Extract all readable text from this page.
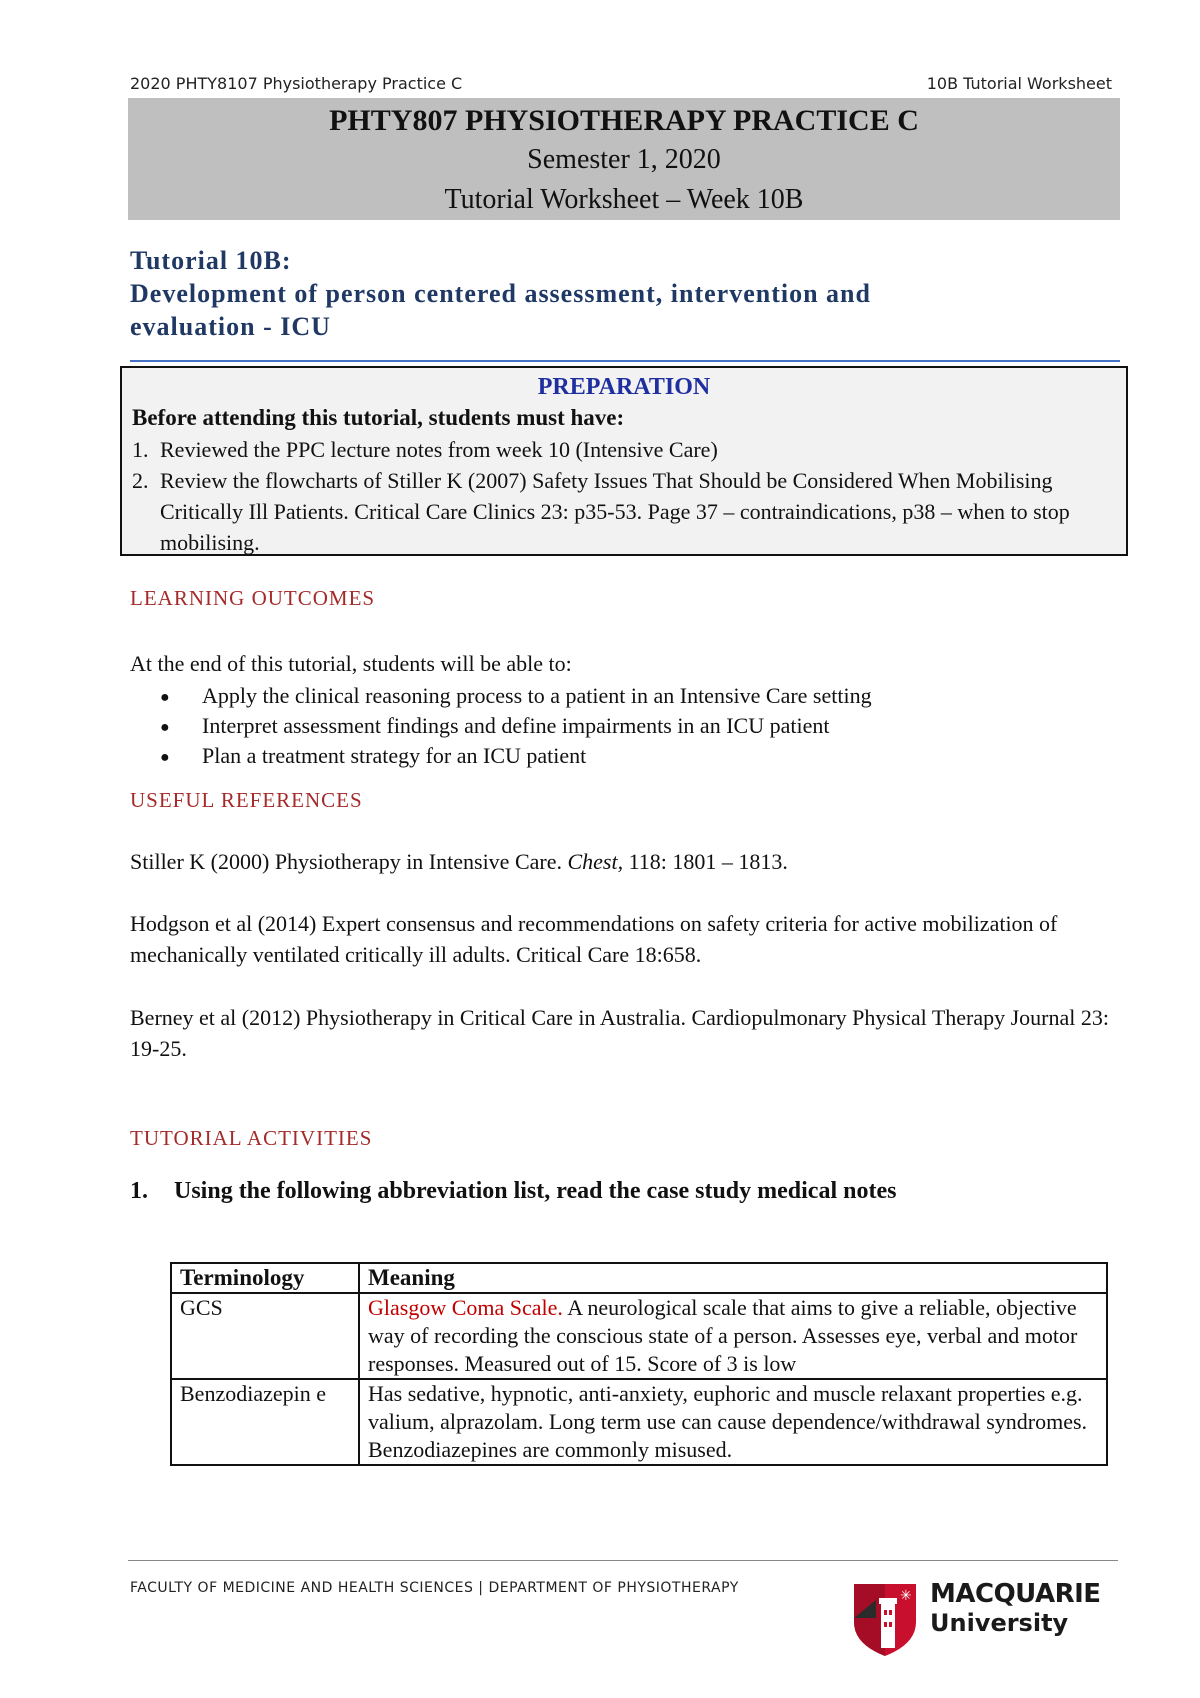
2020 PHTY8107 Physiotherapy Practice C	10B Tutorial Worksheet
PHTY807 PHYSIOTHERAPY PRACTICE C
Semester 1, 2020
Tutorial Worksheet – Week 10B
Tutorial 10B:
Development of person centered assessment, intervention and
evaluation - ICU
PREPARATION
Before attending this tutorial, students must have:
1. Reviewed the PPC lecture notes from week 10 (Intensive Care)
2. Review the flowcharts of Stiller K (2007) Safety Issues That Should be Considered When Mobilising Critically Ill Patients. Critical Care Clinics 23: p35-53. Page 37 – contraindications, p38 – when to stop mobilising.
LEARNING OUTCOMES
At the end of this tutorial, students will be able to:
●	Apply the clinical reasoning process to a patient in an Intensive Care setting
●	Interpret assessment findings and define impairments in an ICU patient
●	Plan a treatment strategy for an ICU patient
USEFUL REFERENCES
Stiller K (2000) Physiotherapy in Intensive Care. Chest, 118: 1801 – 1813.
Hodgson et al (2014) Expert consensus and recommendations on safety criteria for active mobilization of mechanically ventilated critically ill adults. Critical Care 18:658.
Berney et al (2012) Physiotherapy in Critical Care in Australia. Cardiopulmonary Physical Therapy Journal 23: 19-25.
TUTORIAL ACTIVITIES
1. Using the following abbreviation list, read the case study medical notes
Terminology	Meaning
GCS	Glasgow Coma Scale. A neurological scale that aims to give a reliable, objective way of recording the conscious state of a person. Assesses eye, verbal and motor responses. Measured out of 15. Score of 3 is low
Benzodiazepin e	Has sedative, hypnotic, anti-anxiety, euphoric and muscle relaxant properties e.g. valium, alprazolam. Long term use can cause dependence/withdrawal syndromes. Benzodiazepines are commonly misused.
FACULTY OF MEDICINE AND HEALTH SCIENCES | DEPARTMENT OF PHYSIOTHERAPY	✳ MACQUARIE
University
